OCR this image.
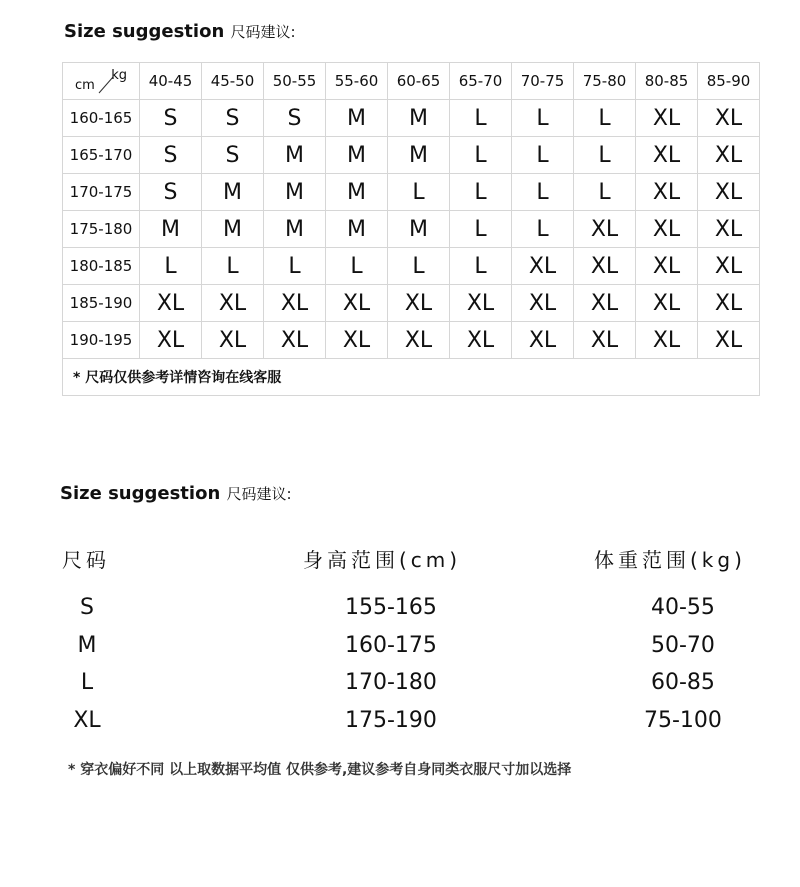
Size suggestion 尺码建议:
cm
kg	40-45	45-50	50-55	55-60	60-65	65-70	70-75	75-80	80-85	85-90
160-165	S	S	S	M	M	L	L	L	XL	XL
165-170	S	S	M	M	M	L	L	L	XL	XL
170-175	S	M	M	M	L	L	L	L	XL	XL
175-180	M	M	M	M	M	L	L	XL	XL	XL
180-185	L	L	L	L	L	L	XL	XL	XL	XL
185-190	XL	XL	XL	XL	XL	XL	XL	XL	XL	XL
190-195	XL	XL	XL	XL	XL	XL	XL	XL	XL	XL
* 尺码仅供参考详情咨询在线客服										
Size suggestion 尺码建议:
尺码	身高范围(cm)	体重范围(kg)
S	155-165	40-55
M	160-175	50-70
L	170-180	60-85
XL	175-190	75-100
* 穿衣偏好不同 以上取数据平均值 仅供参考,建议参考自身同类衣服尺寸加以选择
